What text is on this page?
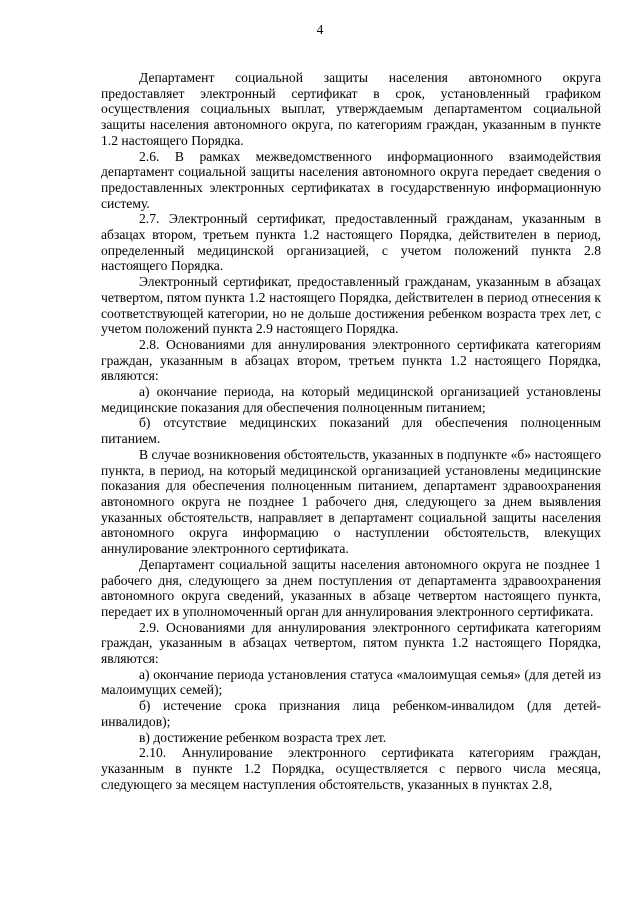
4

Департамент социальной защиты населения автономного округа предоставляет электронный сертификат в срок, установленный графиком осуществления социальных выплат, утверждаемым департаментом социальной защиты населения автономного округа, по категориям граждан, указанным в пункте 1.2 настоящего Порядка.

2.6. В рамках межведомственного информационного взаимодействия департамент социальной защиты населения автономного округа передает сведения о предоставленных электронных сертификатах в государственную информационную систему.

2.7. Электронный сертификат, предоставленный гражданам, указанным в абзацах втором, третьем пункта 1.2 настоящего Порядка, действителен в период, определенный медицинской организацией, с учетом положений пункта 2.8 настоящего Порядка.

Электронный сертификат, предоставленный гражданам, указанным в абзацах четвертом, пятом пункта 1.2 настоящего Порядка, действителен в период отнесения к соответствующей категории, но не дольше достижения ребенком возраста трех лет, с учетом положений пункта 2.9 настоящего Порядка.

2.8. Основаниями для аннулирования электронного сертификата категориям граждан, указанным в абзацах втором, третьем пункта 1.2 настоящего Порядка, являются:

а) окончание периода, на который медицинской организацией установлены медицинские показания для обеспечения полноценным питанием;

б) отсутствие медицинских показаний для обеспечения полноценным питанием.

В случае возникновения обстоятельств, указанных в подпункте «б» настоящего пункта, в период, на который медицинской организацией установлены медицинские показания для обеспечения полноценным питанием, департамент здравоохранения автономного округа не позднее 1 рабочего дня, следующего за днем выявления указанных обстоятельств, направляет в департамент социальной защиты населения автономного округа информацию о наступлении обстоятельств, влекущих аннулирование электронного сертификата.

Департамент социальной защиты населения автономного округа не позднее 1 рабочего дня, следующего за днем поступления от департамента здравоохранения автономного округа сведений, указанных в абзаце четвертом настоящего пункта, передает их в уполномоченный орган для аннулирования электронного сертификата.

2.9. Основаниями для аннулирования электронного сертификата категориям граждан, указанным в абзацах четвертом, пятом пункта 1.2 настоящего Порядка, являются:

а) окончание периода установления статуса «малоимущая семья» (для детей из малоимущих семей);

б) истечение срока признания лица ребенком-инвалидом (для детей-инвалидов);

в) достижение ребенком возраста трех лет.

2.10. Аннулирование электронного сертификата категориям граждан, указанным в пункте 1.2 Порядка, осуществляется с первого числа месяца, следующего за месяцем наступления обстоятельств, указанных в пунктах 2.8,
